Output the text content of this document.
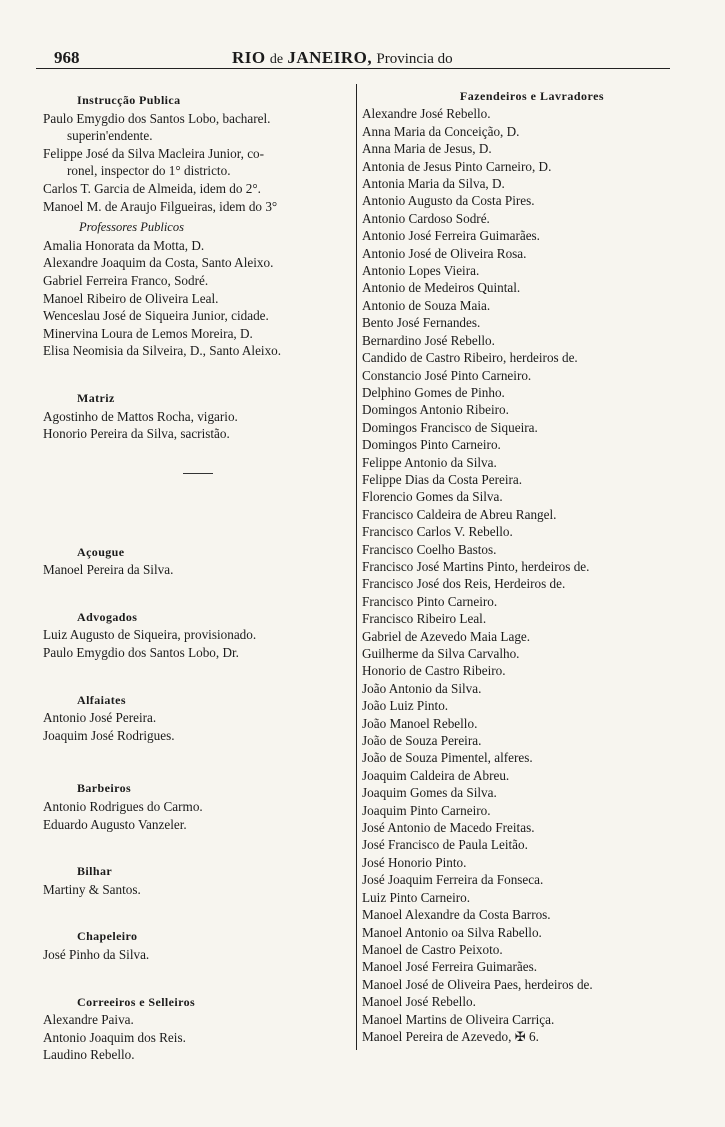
968	RIO de JANEIRO, Provincia do
Instrucção Publica
Paulo Emygdio dos Santos Lobo, bacharel.
superin'endente.
Felippe José da Silva Macleira Junior, co-
ronel, inspector do 1° districto.
Carlos T. Garcia de Almeida, idem do 2°.
Manoel M. de Araujo Filgueiras, idem do 3°
Professores Publicos
Amalia Honorata da Motta, D.
Alexandre Joaquim da Costa, Santo Aleixo.
Gabriel Ferreira Franco, Sodré.
Manoel Ribeiro de Oliveira Leal.
Wenceslau José de Siqueira Junior, cidade.
Minervina Loura de Lemos Moreira, D.
Elisa Neomisia da Silveira, D., Santo Aleixo.
Matriz
Agostinho de Mattos Rocha, vigario.
Honorio Pereira da Silva, sacristão.
Açougue
Manoel Pereira da Silva.
Advogados
Luiz Augusto de Siqueira, provisionado.
Paulo Emygdio dos Santos Lobo, Dr.
Alfaiates
Antonio José Pereira.
Joaquim José Rodrigues.
Barbeiros
Antonio Rodrigues do Carmo.
Eduardo Augusto Vanzeler.
Bilhar
Martiny & Santos.
Chapeleiro
José Pinho da Silva.
Correeiros e Selleiros
Alexandre Paiva.
Antonio Joaquim dos Reis.
Laudino Rebello.
Fazendeiros e Lavradores
Alexandre José Rebello.
Anna Maria da Conceição, D.
Anna Maria de Jesus, D.
Antonia de Jesus Pinto Carneiro, D.
Antonia Maria da Silva, D.
Antonio Augusto da Costa Pires.
Antonio Cardoso Sodré.
Antonio José Ferreira Guimarães.
Antonio José de Oliveira Rosa.
Antonio Lopes Vieira.
Antonio de Medeiros Quintal.
Antonio de Souza Maia.
Bento José Fernandes.
Bernardino José Rebello.
Candido de Castro Ribeiro, herdeiros de.
Constancio José Pinto Carneiro.
Delphino Gomes de Pinho.
Domingos Antonio Ribeiro.
Domingos Francisco de Siqueira.
Domingos Pinto Carneiro.
Felippe Antonio da Silva.
Felippe Dias da Costa Pereira.
Florencio Gomes da Silva.
Francisco Caldeira de Abreu Rangel.
Francisco Carlos V. Rebello.
Francisco Coelho Bastos.
Francisco José Martins Pinto, herdeiros de.
Francisco José dos Reis, Herdeiros de.
Francisco Pinto Carneiro.
Francisco Ribeiro Leal.
Gabriel de Azevedo Maia Lage.
Guilherme da Silva Carvalho.
Honorio de Castro Ribeiro.
João Antonio da Silva.
João Luiz Pinto.
João Manoel Rebello.
João de Souza Pereira.
João de Souza Pimentel, alferes.
Joaquim Caldeira de Abreu.
Joaquim Gomes da Silva.
Joaquim Pinto Carneiro.
José Antonio de Macedo Freitas.
José Francisco de Paula Leitão.
José Honorio Pinto.
José Joaquim Ferreira da Fonseca.
Luiz Pinto Carneiro.
Manoel Alexandre da Costa Barros.
Manoel Antonio oa Silva Rabello.
Manoel de Castro Peixoto.
Manoel José Ferreira Guimarães.
Manoel José de Oliveira Paes, herdeiros de.
Manoel José Rebello.
Manoel Martins de Oliveira Carriça.
Manoel Pereira de Azevedo, ✠ 6.
